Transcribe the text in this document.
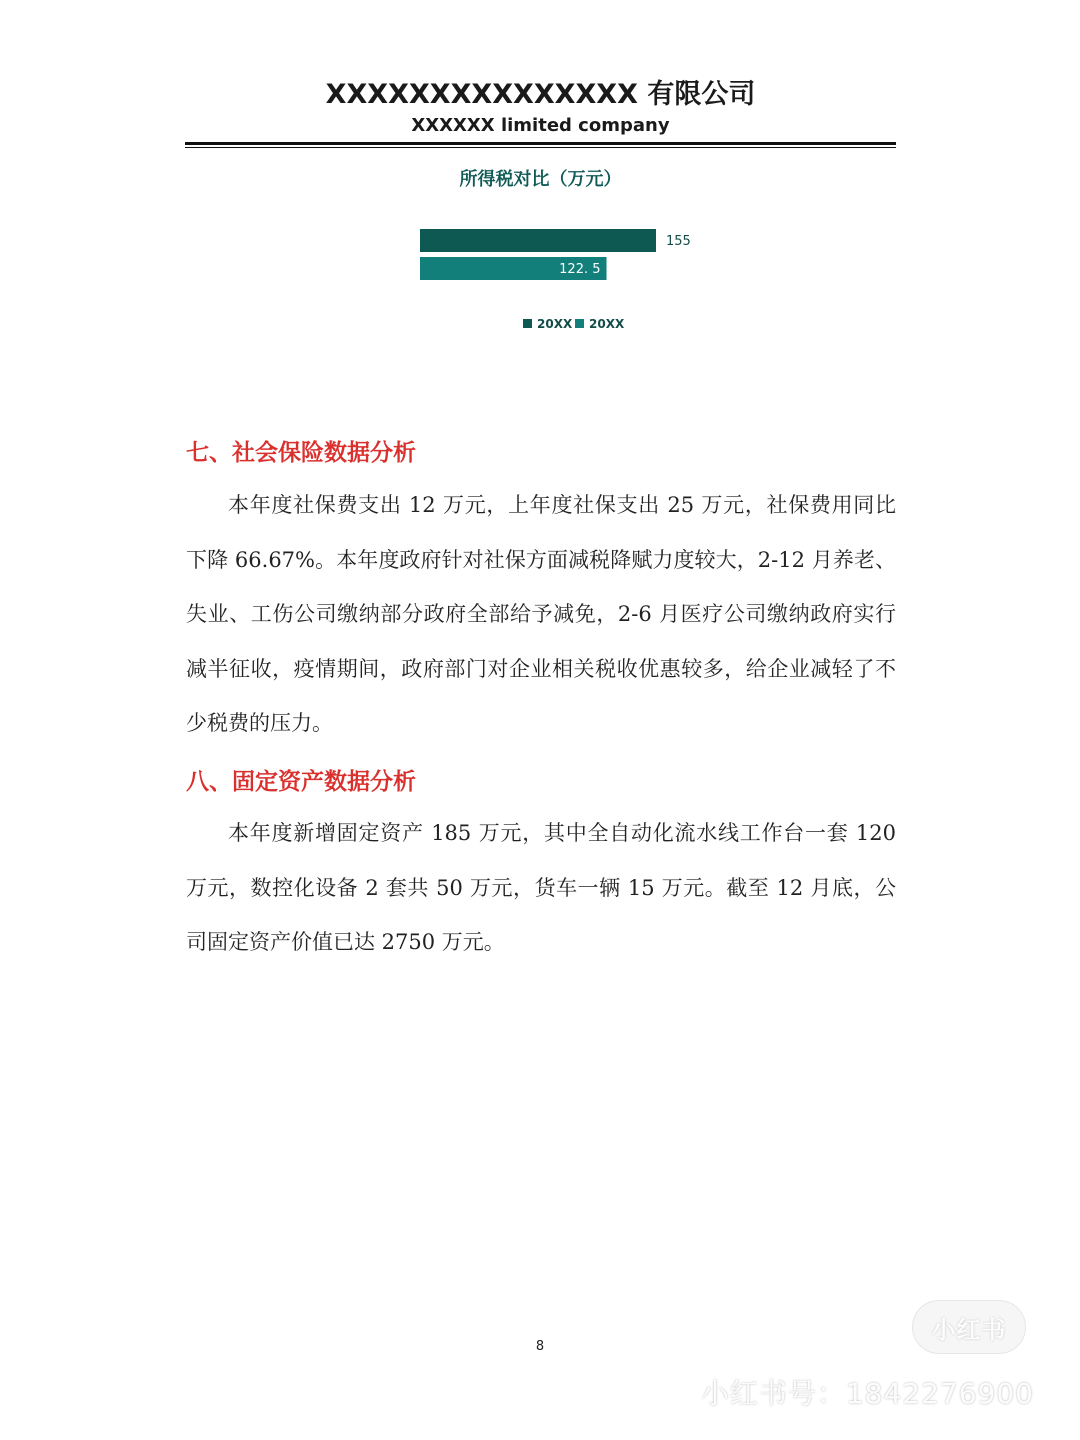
XXXXXXXXXXXXXXX 有限公司
XXXXXX limited company
所得税对比（万元）
155
122. 5
20XX 20XX
七、社会保险数据分析

本年度社保费支出 12 万元，上年度社保支出 25 万元，社保费用同比下降 66.67%。本年度政府针对社保方面减税降赋力度较大，2-12 月养老、失业、工伤公司缴纳部分政府全部给予减免，2-6 月医疗公司缴纳政府实行减半征收，疫情期间，政府部门对企业相关税收优惠较多，给企业减轻了不少税费的压力。

八、固定资产数据分析

本年度新增固定资产 185 万元，其中全自动化流水线工作台一套 120 万元，数控化设备 2 套共 50 万元，货车一辆 15 万元。截至 12 月底，公司固定资产价值已达 2750 万元。

8
小红书
小红书号：1842276900
